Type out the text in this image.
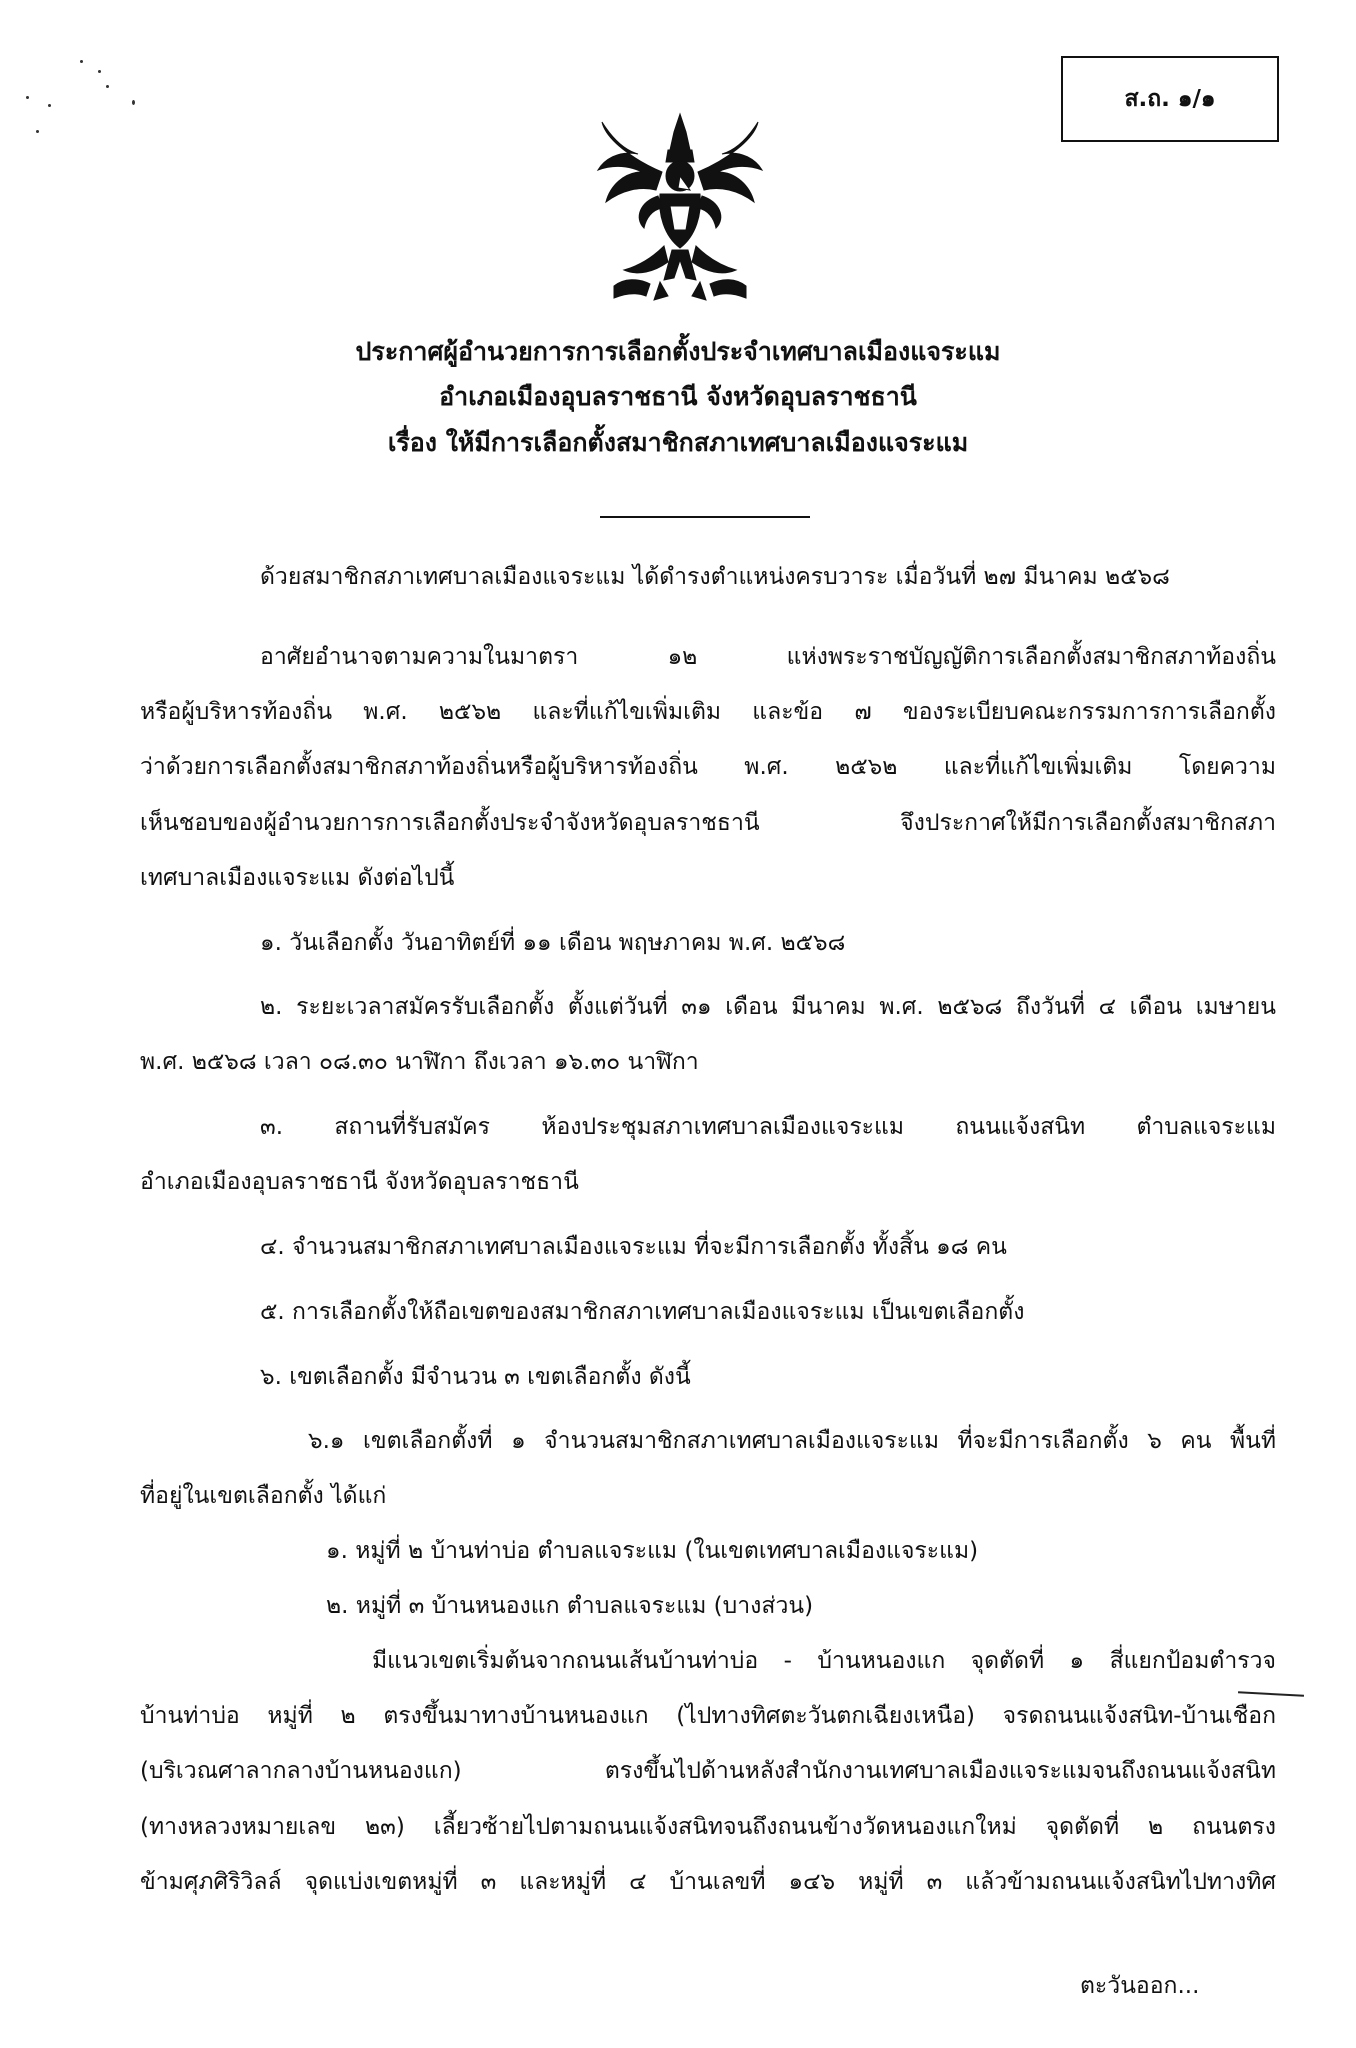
ส.ถ. ๑/๑
ประกาศผู้อำนวยการการเลือกตั้งประจำเทศบาลเมืองแจระแม
อำเภอเมืองอุบลราชธานี จังหวัดอุบลราชธานี
เรื่อง ให้มีการเลือกตั้งสมาชิกสภาเทศบาลเมืองแจระแม
ด้วยสมาชิกสภาเทศบาลเมืองแจระแม ได้ดำรงตำแหน่งครบวาระ เมื่อวันที่ ๒๗ มีนาคม ๒๕๖๘
อาศัยอำนาจตามความในมาตรา ๑๒ แห่งพระราชบัญญัติการเลือกตั้งสมาชิกสภาท้องถิ่น
หรือผู้บริหารท้องถิ่น พ.ศ. ๒๕๖๒ และที่แก้ไขเพิ่มเติม และข้อ ๗ ของระเบียบคณะกรรมการการเลือกตั้ง
ว่าด้วยการเลือกตั้งสมาชิกสภาท้องถิ่นหรือผู้บริหารท้องถิ่น พ.ศ. ๒๕๖๒ และที่แก้ไขเพิ่มเติม โดยความ
เห็นชอบของผู้อำนวยการการเลือกตั้งประจำจังหวัดอุบลราชธานี จึงประกาศให้มีการเลือกตั้งสมาชิกสภา
เทศบาลเมืองแจระแม ดังต่อไปนี้
๑. วันเลือกตั้ง วันอาทิตย์ที่ ๑๑ เดือน พฤษภาคม พ.ศ. ๒๕๖๘
๒. ระยะเวลาสมัครรับเลือกตั้ง ตั้งแต่วันที่ ๓๑ เดือน มีนาคม พ.ศ. ๒๕๖๘ ถึงวันที่ ๔ เดือน เมษายน
พ.ศ. ๒๕๖๘ เวลา ๐๘.๓๐ นาฬิกา ถึงเวลา ๑๖.๓๐ นาฬิกา
๓. สถานที่รับสมัคร ห้องประชุมสภาเทศบาลเมืองแจระแม ถนนแจ้งสนิท ตำบลแจระแม
อำเภอเมืองอุบลราชธานี จังหวัดอุบลราชธานี
๔. จำนวนสมาชิกสภาเทศบาลเมืองแจระแม ที่จะมีการเลือกตั้ง ทั้งสิ้น ๑๘ คน
๕. การเลือกตั้งให้ถือเขตของสมาชิกสภาเทศบาลเมืองแจระแม เป็นเขตเลือกตั้ง
๖. เขตเลือกตั้ง มีจำนวน ๓ เขตเลือกตั้ง ดังนี้
๖.๑ เขตเลือกตั้งที่ ๑ จำนวนสมาชิกสภาเทศบาลเมืองแจระแม ที่จะมีการเลือกตั้ง ๖ คน พื้นที่
ที่อยู่ในเขตเลือกตั้ง ได้แก่
๑. หมู่ที่ ๒ บ้านท่าบ่อ ตำบลแจระแม (ในเขตเทศบาลเมืองแจระแม)
๒. หมู่ที่ ๓ บ้านหนองแก ตำบลแจระแม (บางส่วน)
มีแนวเขตเริ่มต้นจากถนนเส้นบ้านท่าบ่อ - บ้านหนองแก จุดตัดที่ ๑ สี่แยกป้อมตำรวจ
บ้านท่าบ่อ หมู่ที่ ๒ ตรงขึ้นมาทางบ้านหนองแก (ไปทางทิศตะวันตกเฉียงเหนือ) จรดถนนแจ้งสนิท-บ้านเชือก
(บริเวณศาลากลางบ้านหนองแก) ตรงขึ้นไปด้านหลังสำนักงานเทศบาลเมืองแจระแมจนถึงถนนแจ้งสนิท
(ทางหลวงหมายเลข ๒๓) เลี้ยวซ้ายไปตามถนนแจ้งสนิทจนถึงถนนข้างวัดหนองแกใหม่ จุดตัดที่ ๒ ถนนตรง
ข้ามศุภศิริวิลล์ จุดแบ่งเขตหมู่ที่ ๓ และหมู่ที่ ๔ บ้านเลขที่ ๑๔๖ หมู่ที่ ๓ แล้วข้ามถนนแจ้งสนิทไปทางทิศ
ตะวันออก...
